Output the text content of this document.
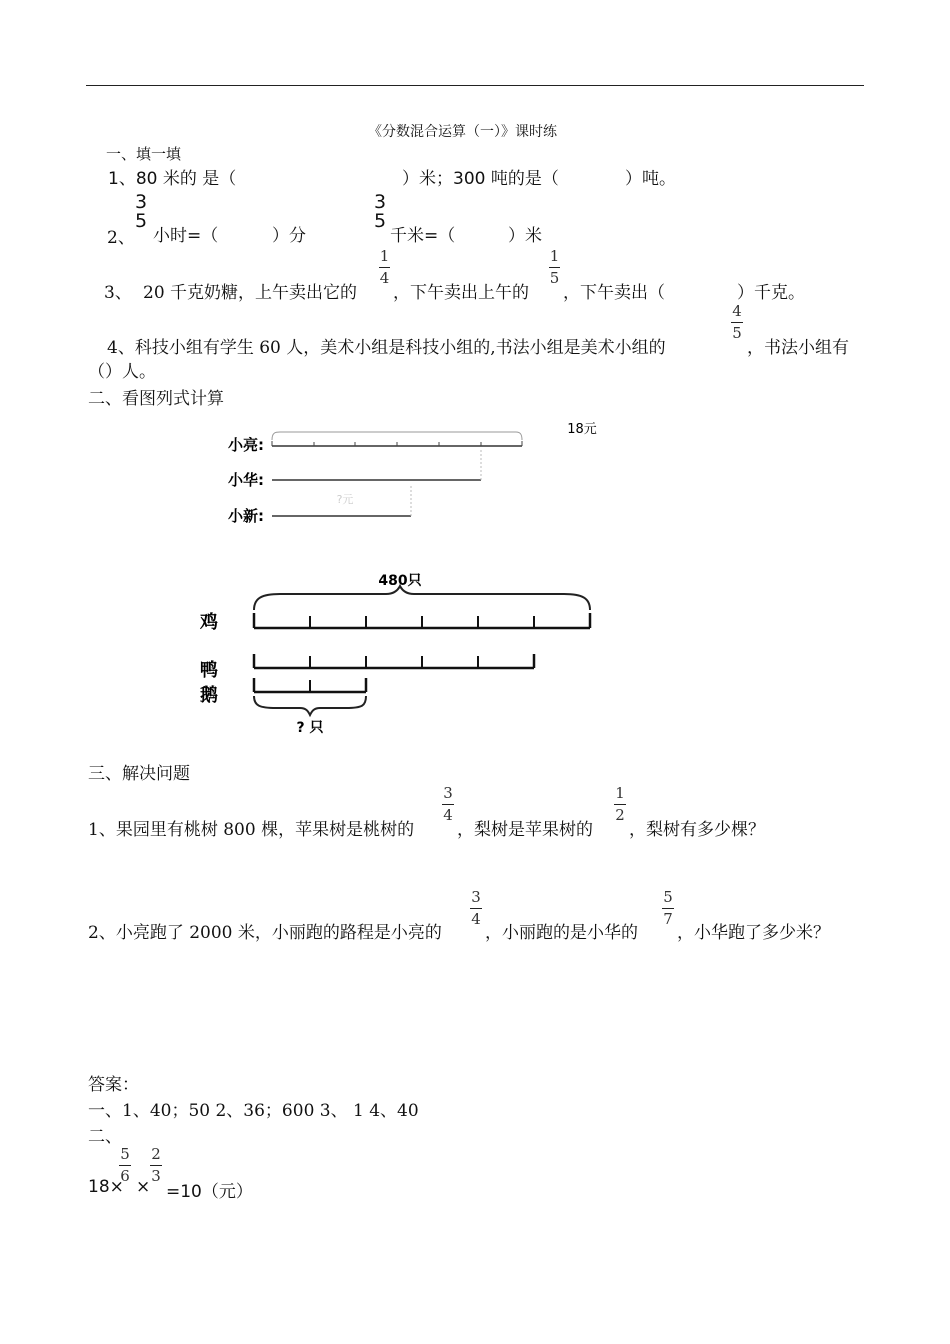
《分数混合运算（一）》课时练
一、填一填
1、80 米的 是（	）米；300 吨的是（	）吨。
2、
3
5
小时=（	）分
3
5
千米=（	）米
3、 20 千克奶糖，上午卖出它的
1
4
，下午卖出上午的
1
5
，下午卖出（	）千克。
4、科技小组有学生 60 人，美术小组是科技小组的,书法小组是美术小组的
4
5
，书法小组有
（）人。
二、看图列式计算
18元
小亮:
小华:
小新:
?元
480只
鸡
鸭
鹅
? 只
三、解决问题
1、果园里有桃树 800 棵，苹果树是桃树的
3
4
，梨树是苹果树的
1
2
，梨树有多少棵？
2、小亮跑了 2000 米，小丽跑的路程是小亮的
3
4
，小丽跑的是小华的
5
7
，小华跑了多少米？
答案：
一、1、40；50 2、36；600 3、 1 4、40
二、
18×
5
6
×
2
3
=10（元）
